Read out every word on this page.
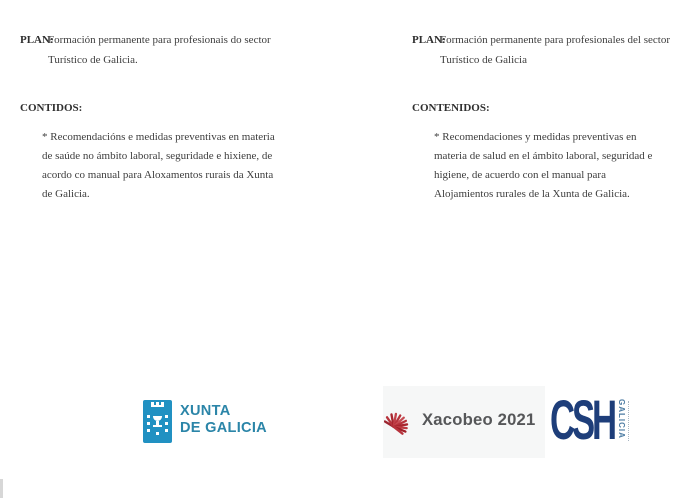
PLAN:
Formación permanente para profesionais do sector
Turístico de Galicia.
CONTIDOS:
* Recomendacións e medidas preventivas en materia
de saúde no ámbito laboral, seguridade e hixiene, de
acordo co manual para Aloxamentos rurais da Xunta
de Galicia.
PLAN:
Formación permanente para profesionales del sector
Turístico de Galicia
CONTENIDOS:
* Recomendaciones y medidas preventivas en
materia de salud en el ámbito laboral, seguridad e
higiene, de acuerdo con el manual para
Alojamientos rurales de la Xunta de Galicia.
XUNTA
DE GALICIA	Xacobeo 2021 CSH GALICIA
